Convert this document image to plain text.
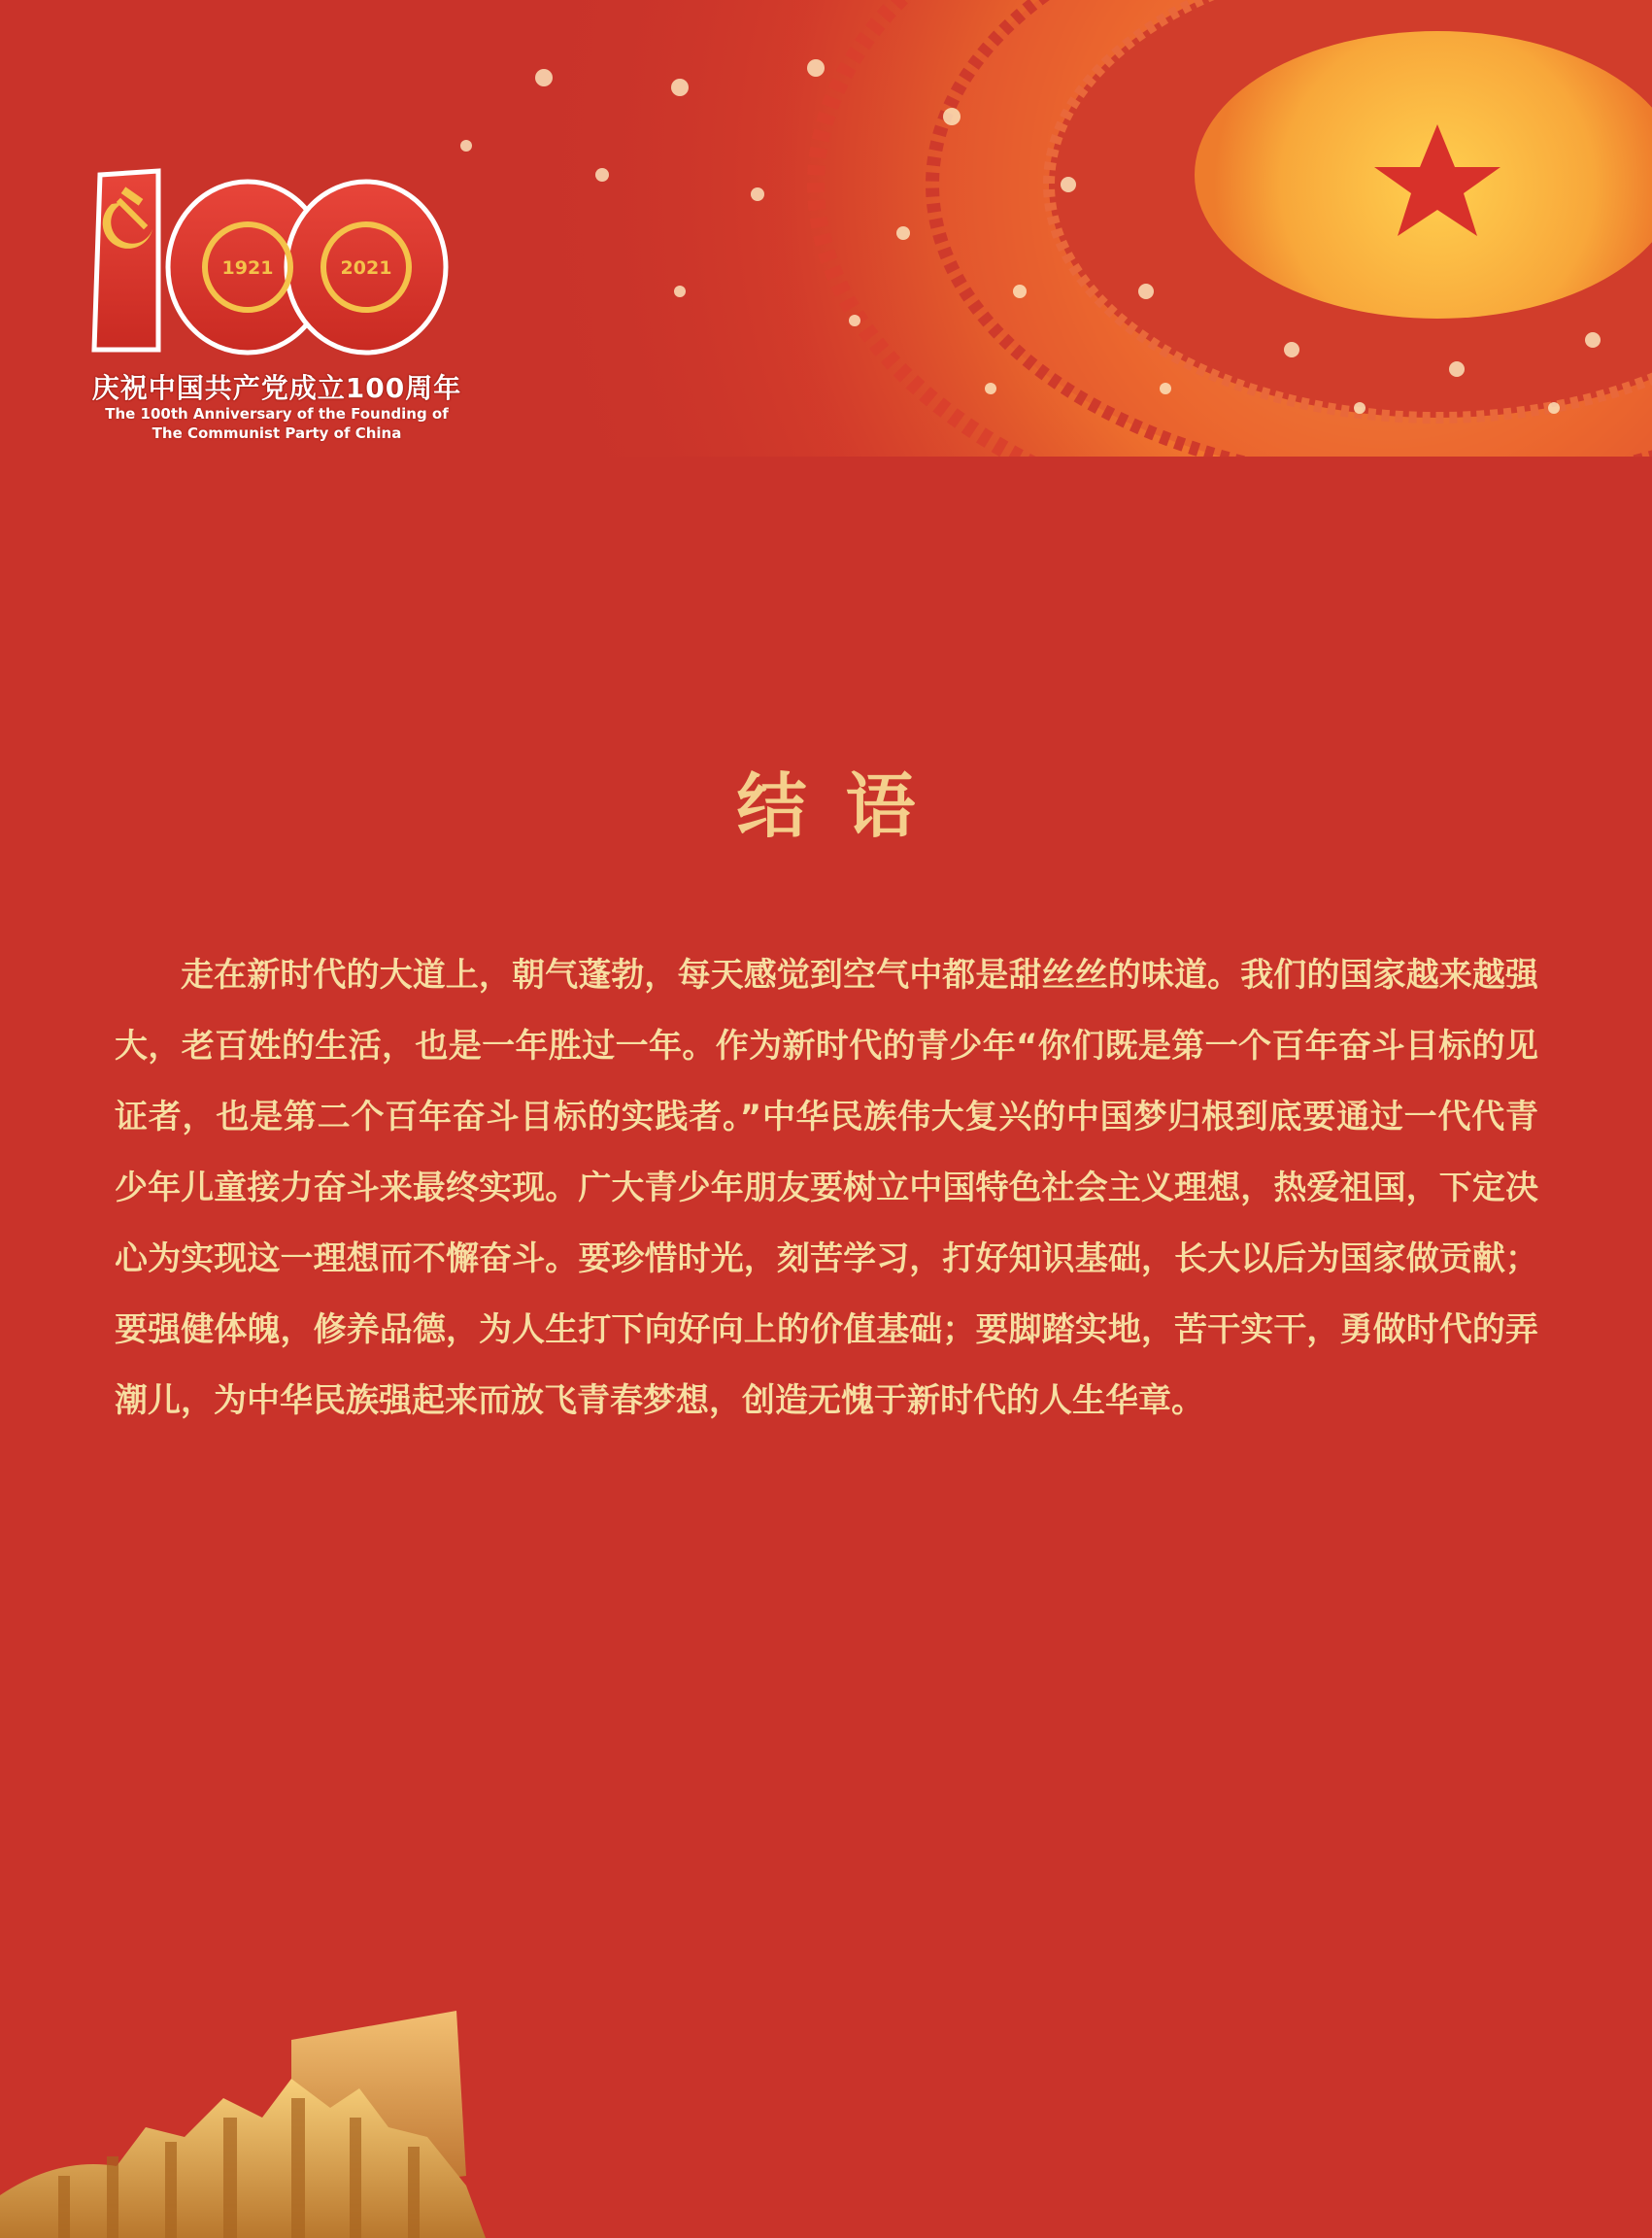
1921	2021
庆祝中国共产党成立100周年
The 100th Anniversary of the Founding of
The Communist Party of China
结语

走在新时代的大道上，朝气蓬勃，每天感觉到空气中都是甜丝丝的味道。我们的国家越来越强大，老百姓的生活，也是一年胜过一年。作为新时代的青少年“你们既是第一个百年奋斗目标的见证者，也是第二个百年奋斗目标的实践者。”中华民族伟大复兴的中国梦归根到底要通过一代代青少年儿童接力奋斗来最终实现。广大青少年朋友要树立中国特色社会主义理想，热爱祖国，下定决心为实现这一理想而不懈奋斗。要珍惜时光，刻苦学习，打好知识基础，长大以后为国家做贡献；要强健体魄，修养品德，为人生打下向好向上的价值基础；要脚踏实地，苦干实干，勇做时代的弄潮儿，为中华民族强起来而放飞青春梦想，创造无愧于新时代的人生华章。
